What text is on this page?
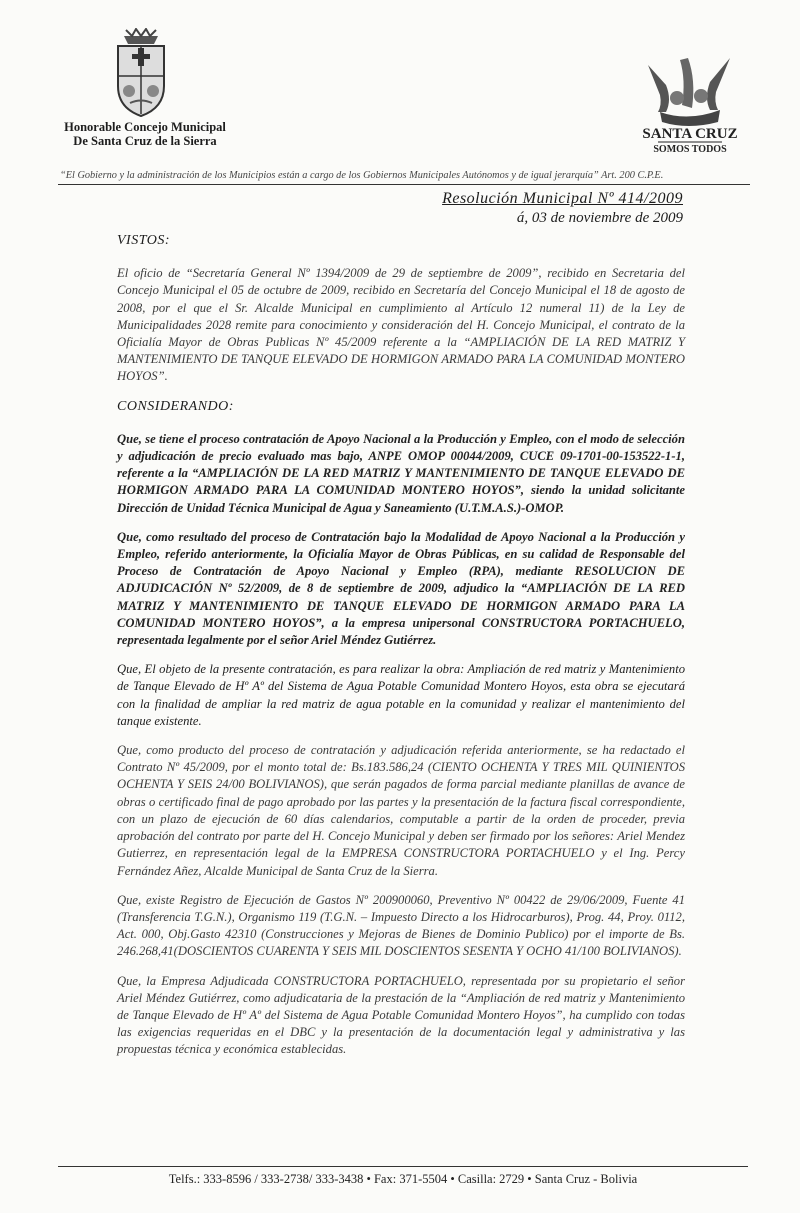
Honorable Concejo Municipal
De Santa Cruz de la Sierra	SANTA CRUZ
SOMOS TODOS
“El Gobierno y la administración de los Municipios están a cargo de los Gobiernos Municipales Autónomos y de igual jerarquía” Art. 200 C.P.E.
Resolución Municipal Nº 414/2009
á, 03 de noviembre de 2009

VISTOS:

El oficio de “Secretaría General Nº 1394/2009 de 29 de septiembre de 2009”, recibido en Secretaria del Concejo Municipal el 05 de octubre de 2009, recibido en Secretaría del Concejo Municipal el 18 de agosto de 2008, por el que el Sr. Alcalde Municipal en cumplimiento al Artículo 12 numeral 11) de la Ley de Municipalidades 2028 remite para conocimiento y consideración del H. Concejo Municipal, el contrato de la Oficialía Mayor de Obras Publicas Nº 45/2009 referente a la “AMPLIACIÓN DE LA RED MATRIZ Y MANTENIMIENTO DE TANQUE ELEVADO DE HORMIGON ARMADO PARA LA COMUNIDAD MONTERO HOYOS”.

CONSIDERANDO:

Que, se tiene el proceso contratación de Apoyo Nacional a la Producción y Empleo, con el modo de selección y adjudicación de precio evaluado mas bajo, ANPE OMOP 00044/2009, CUCE 09-1701-00-153522-1-1, referente a la “AMPLIACIÓN DE LA RED MATRIZ Y MANTENIMIENTO DE TANQUE ELEVADO DE HORMIGON ARMADO PARA LA COMUNIDAD MONTERO HOYOS”, siendo la unidad solicitante Dirección de Unidad Técnica Municipal de Agua y Saneamiento (U.T.M.A.S.)-OMOP.

Que, como resultado del proceso de Contratación bajo la Modalidad de Apoyo Nacional a la Producción y Empleo, referido anteriormente, la Oficialía Mayor de Obras Públicas, en su calidad de Responsable del Proceso de Contratación de Apoyo Nacional y Empleo (RPA), mediante RESOLUCION DE ADJUDICACIÓN Nº 52/2009, de 8 de septiembre de 2009, adjudico la “AMPLIACIÓN DE LA RED MATRIZ Y MANTENIMIENTO DE TANQUE ELEVADO DE HORMIGON ARMADO PARA LA COMUNIDAD MONTERO HOYOS”, a la empresa unipersonal CONSTRUCTORA PORTACHUELO, representada legalmente por el señor Ariel Méndez Gutiérrez.

Que, El objeto de la presente contratación, es para realizar la obra: Ampliación de red matriz y Mantenimiento de Tanque Elevado de Hº Aº del Sistema de Agua Potable Comunidad Montero Hoyos, esta obra se ejecutará con la finalidad de ampliar la red matriz de agua potable en la comunidad y realizar el mantenimiento del tanque existente.

Que, como producto del proceso de contratación y adjudicación referida anteriormente, se ha redactado el Contrato Nº 45/2009, por el monto total de: Bs.183.586,24 (CIENTO OCHENTA Y TRES MIL QUINIENTOS OCHENTA Y SEIS 24/00 BOLIVIANOS), que serán pagados de forma parcial mediante planillas de avance de obras o certificado final de pago aprobado por las partes y la presentación de la factura fiscal correspondiente, con un plazo de ejecución de 60 días calendarios, computable a partir de la orden de proceder, previa aprobación del contrato por parte del H. Concejo Municipal y deben ser firmado por los señores: Ariel Mendez Gutierrez, en representación legal de la EMPRESA CONSTRUCTORA PORTACHUELO y el Ing. Percy Fernández Añez, Alcalde Municipal de Santa Cruz de la Sierra.

Que, existe Registro de Ejecución de Gastos Nº 200900060, Preventivo Nº 00422 de 29/06/2009, Fuente 41 (Transferencia T.G.N.), Organismo 119 (T.G.N. – Impuesto Directo a los Hidrocarburos), Prog. 44, Proy. 0112, Act. 000, Obj.Gasto 42310 (Construcciones y Mejoras de Bienes de Dominio Publico) por el importe de Bs. 246.268,41(DOSCIENTOS CUARENTA Y SEIS MIL DOSCIENTOS SESENTA Y OCHO 41/100 BOLIVIANOS).

Que, la Empresa Adjudicada CONSTRUCTORA PORTACHUELO, representada por su propietario el señor Ariel Méndez Gutiérrez, como adjudicataria de la prestación de la “Ampliación de red matriz y Mantenimiento de Tanque Elevado de Hº Aº del Sistema de Agua Potable Comunidad Montero Hoyos”, ha cumplido con todas las exigencias requeridas en el DBC y la presentación de la documentación legal y administrativa y las propuestas técnica y económica establecidas.

Telfs.: 333-8596 / 333-2738/ 333-3438 • Fax: 371-5504 • Casilla: 2729 • Santa Cruz - Bolivia
